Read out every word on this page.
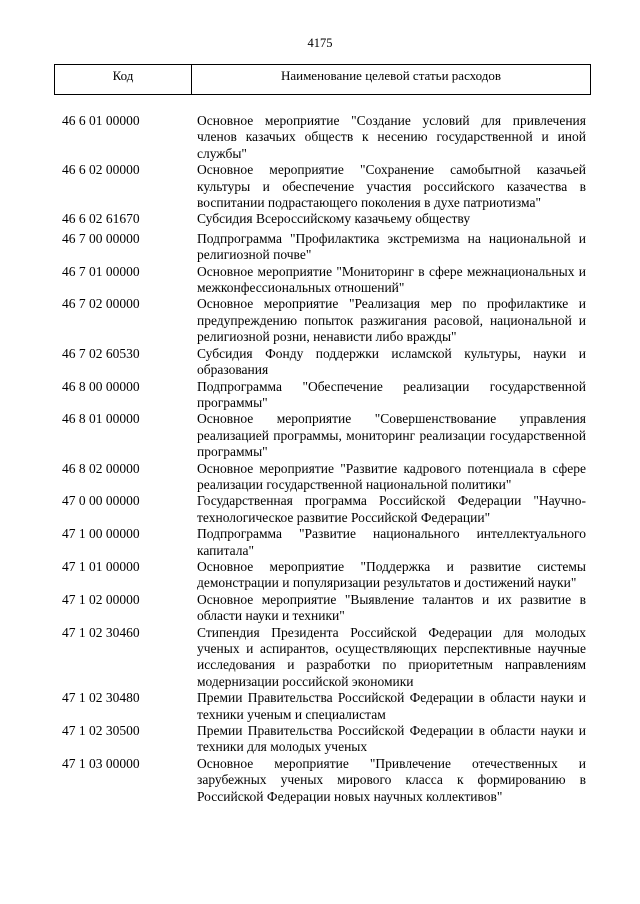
4175
Код	Наименование целевой статьи расходов
46 6 01 00000	Основное мероприятие "Создание условий для привлечения членов казачьих обществ к несению государственной и иной службы"
46 6 02 00000	Основное мероприятие "Сохранение самобытной казачьей культуры и обеспечение участия российского казачества в воспитании подрастающего поколения в духе патриотизма"
46 6 02 61670	Субсидия Всероссийскому казачьему обществу
46 7 00 00000	Подпрограмма "Профилактика экстремизма на национальной и религиозной почве"
46 7 01 00000	Основное мероприятие "Мониторинг в сфере межнациональных и межконфессиональных отношений"
46 7 02 00000	Основное мероприятие "Реализация мер по профилактике и предупреждению попыток разжигания расовой, национальной и религиозной розни, ненависти либо вражды"
46 7 02 60530	Субсидия Фонду поддержки исламской культуры, науки и образования
46 8 00 00000	Подпрограмма "Обеспечение реализации государственной программы"
46 8 01 00000	Основное мероприятие "Совершенствование управления реализацией программы, мониторинг реализации государственной программы"
46 8 02 00000	Основное мероприятие "Развитие кадрового потенциала в сфере реализации государственной национальной политики"
47 0 00 00000	Государственная программа Российской Федерации "Научно-технологическое развитие Российской Федерации"
47 1 00 00000	Подпрограмма "Развитие национального интеллектуального капитала"
47 1 01 00000	Основное мероприятие "Поддержка и развитие системы демонстрации и популяризации результатов и достижений науки"
47 1 02 00000	Основное мероприятие "Выявление талантов и их развитие в области науки и техники"
47 1 02 30460	Стипендия Президента Российской Федерации для молодых ученых и аспирантов, осуществляющих перспективные научные исследования и разработки по приоритетным направлениям модернизации российской экономики
47 1 02 30480	Премии Правительства Российской Федерации в области науки и техники ученым и специалистам
47 1 02 30500	Премии Правительства Российской Федерации в области науки и техники для молодых ученых
47 1 03 00000	Основное мероприятие "Привлечение отечественных и зарубежных ученых мирового класса к формированию в Российской Федерации новых научных коллективов"
